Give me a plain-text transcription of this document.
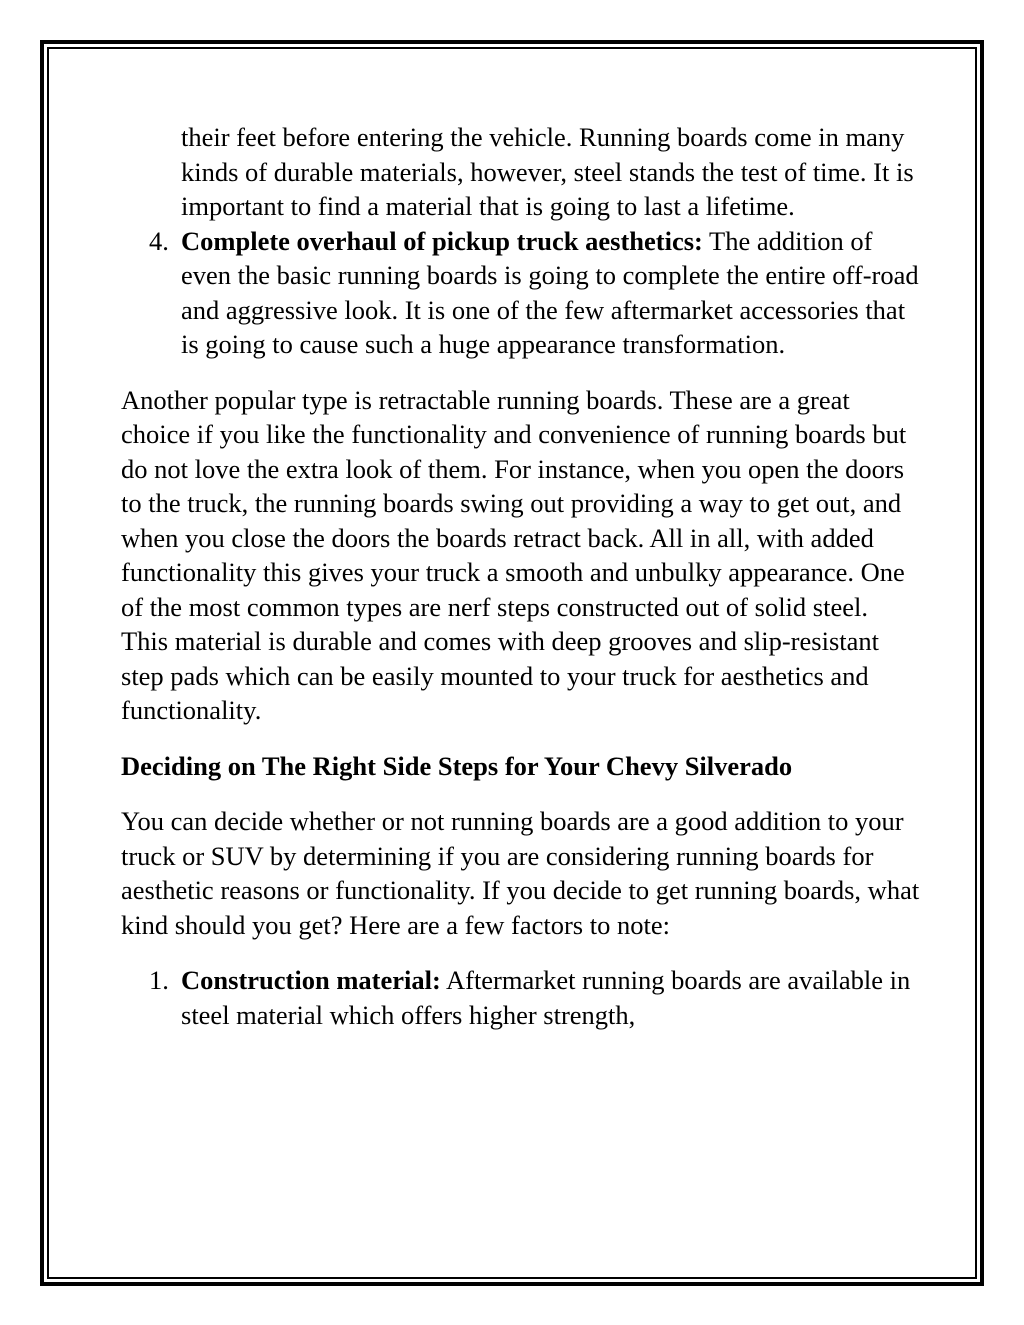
their feet before entering the vehicle. Running boards come in many kinds of durable materials, however, steel stands the test of time. It is important to find a material that is going to last a lifetime.

4. Complete overhaul of pickup truck aesthetics: The addition of even the basic running boards is going to complete the entire off-road and aggressive look. It is one of the few aftermarket accessories that is going to cause such a huge appearance transformation.

Another popular type is retractable running boards. These are a great choice if you like the functionality and convenience of running boards but do not love the extra look of them. For instance, when you open the doors to the truck, the running boards swing out providing a way to get out, and when you close the doors the boards retract back. All in all, with added functionality this gives your truck a smooth and unbulky appearance. One of the most common types are nerf steps constructed out of solid steel. This material is durable and comes with deep grooves and slip-resistant step pads which can be easily mounted to your truck for aesthetics and functionality.

Deciding on The Right Side Steps for Your Chevy Silverado

You can decide whether or not running boards are a good addition to your truck or SUV by determining if you are considering running boards for aesthetic reasons or functionality. If you decide to get running boards, what kind should you get? Here are a few factors to note:

1. Construction material: Aftermarket running boards are available in steel material which offers higher strength,
